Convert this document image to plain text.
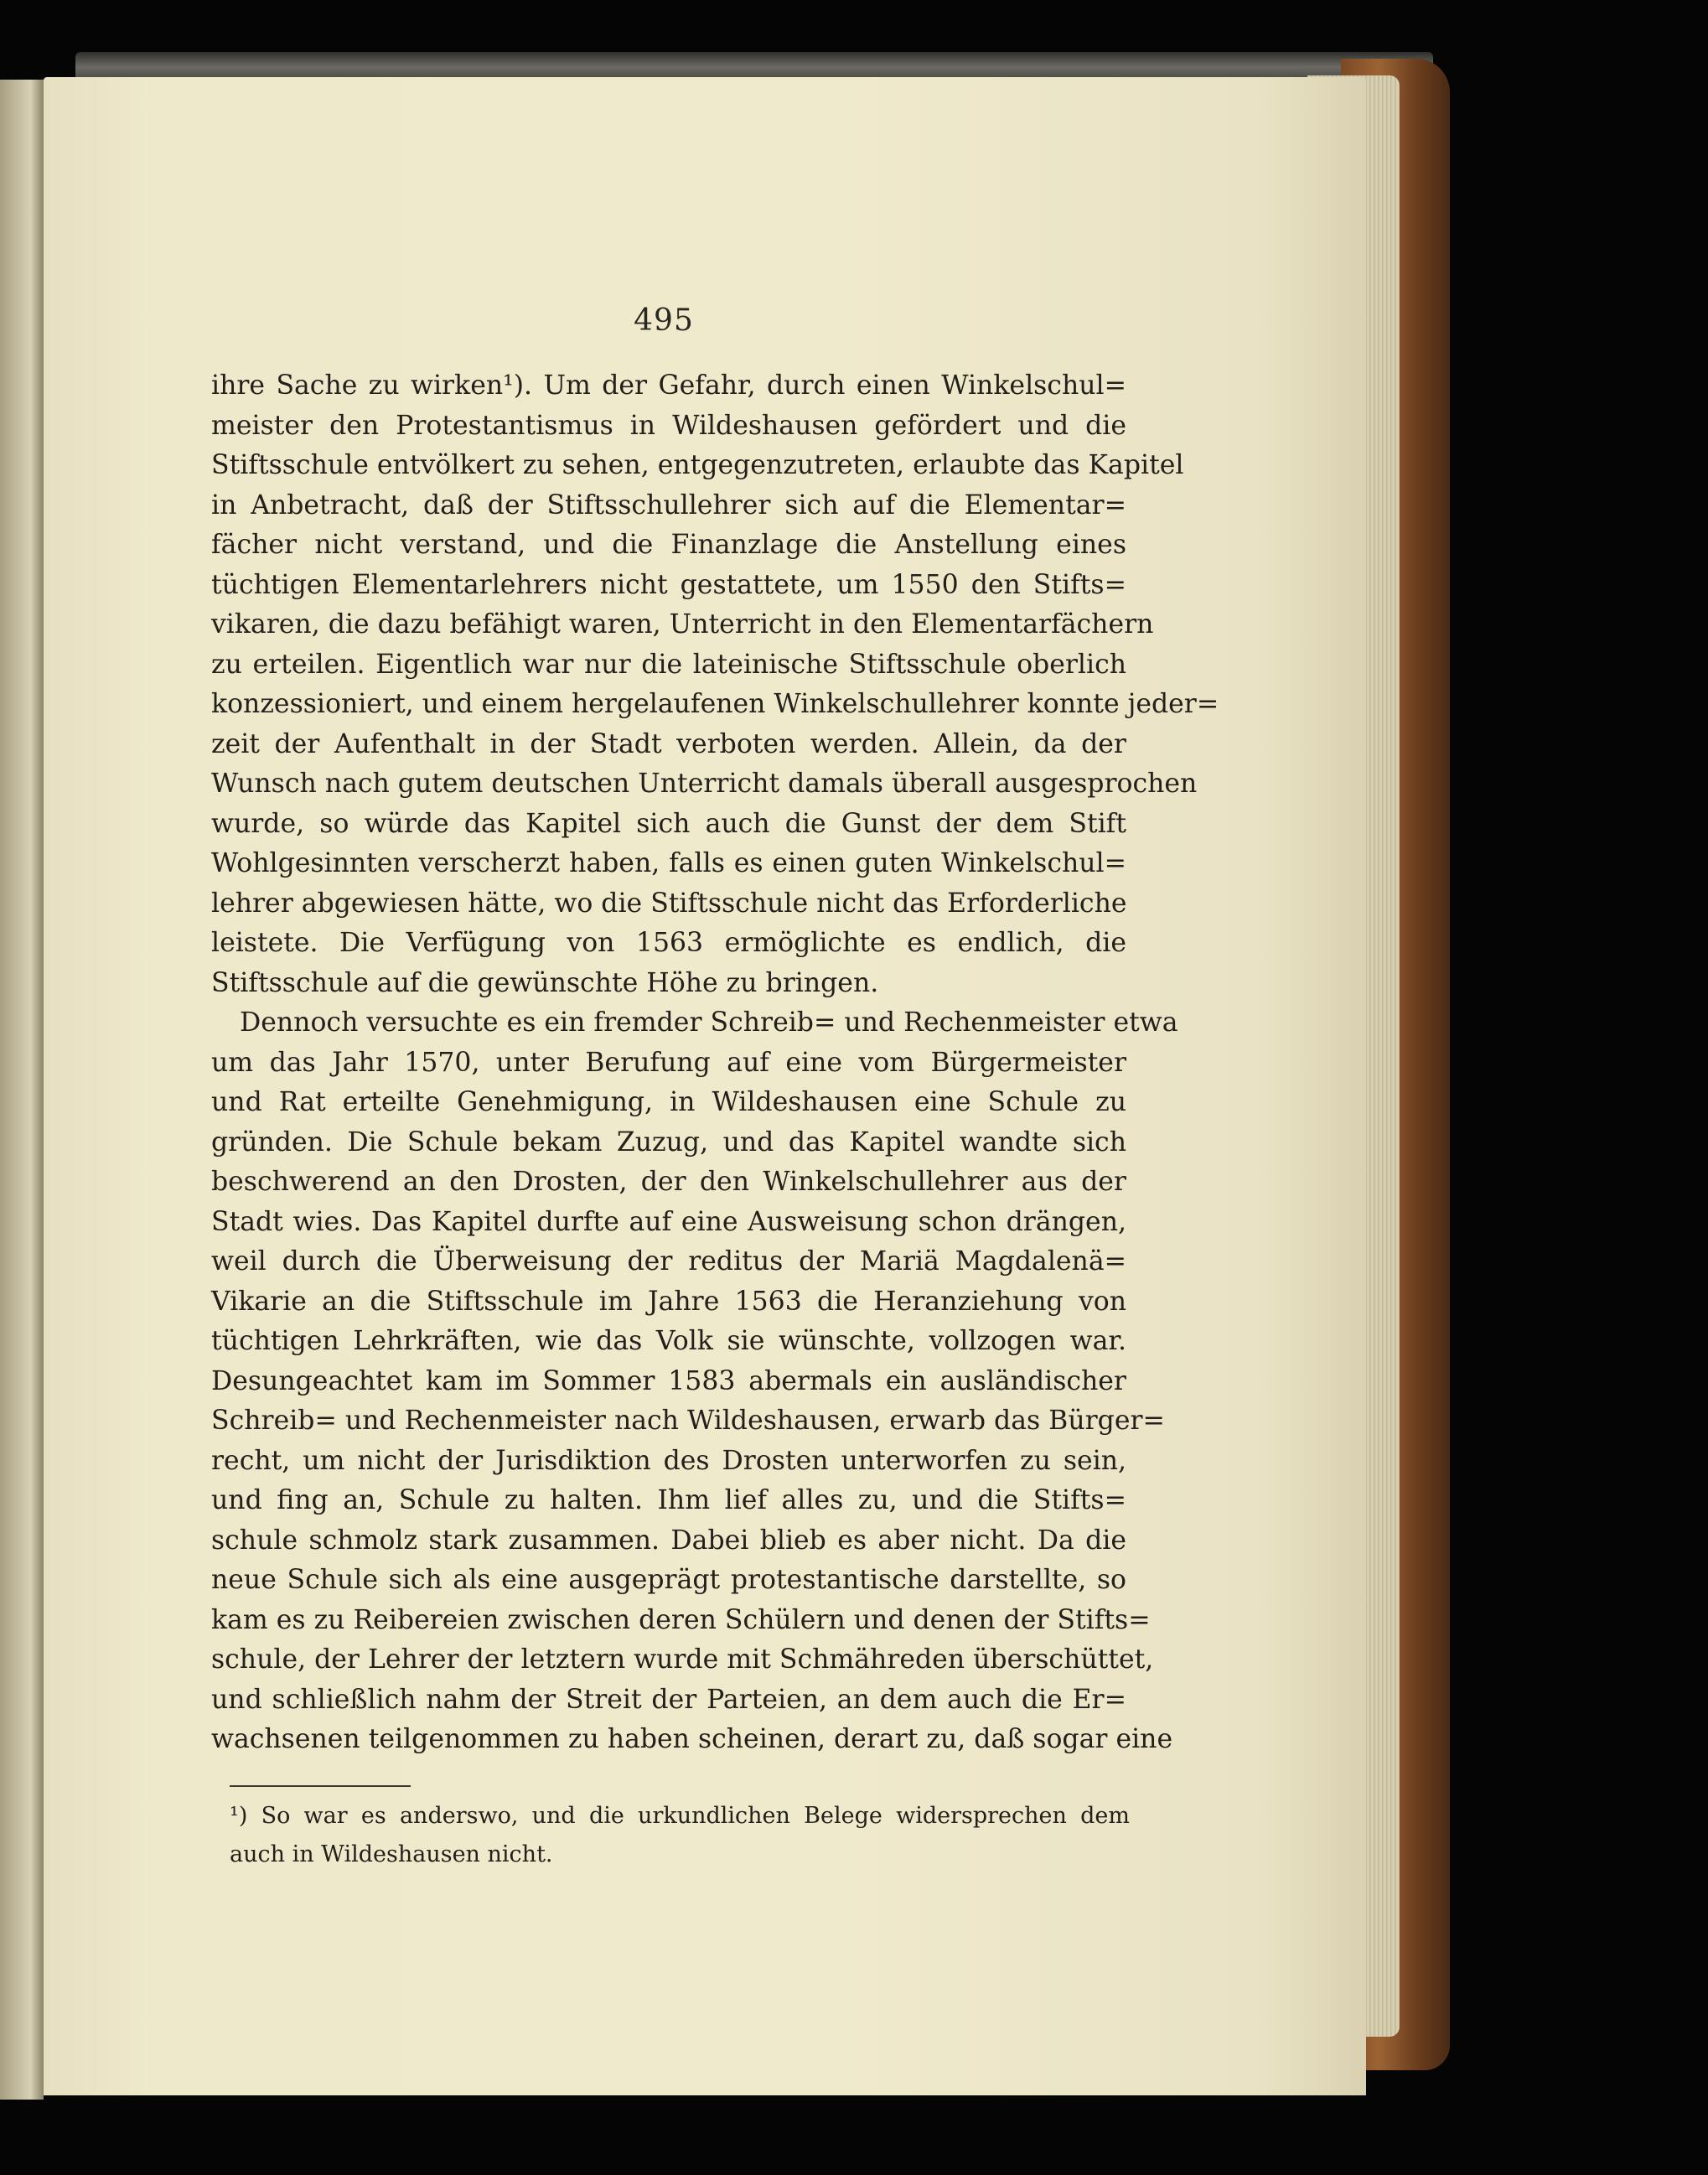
495
ihre Sache zu wirken¹). Um der Gefahr, durch einen Winkelschul=
meister den Protestantismus in Wildeshausen gefördert und die
Stiftsschule entvölkert zu sehen, entgegenzutreten, erlaubte das Kapitel
in Anbetracht, daß der Stiftsschullehrer sich auf die Elementar=
fächer nicht verstand, und die Finanzlage die Anstellung eines
tüchtigen Elementarlehrers nicht gestattete, um 1550 den Stifts=
vikaren, die dazu befähigt waren, Unterricht in den Elementarfächern
zu erteilen. Eigentlich war nur die lateinische Stiftsschule oberlich
konzessioniert, und einem hergelaufenen Winkelschullehrer konnte jeder=
zeit der Aufenthalt in der Stadt verboten werden. Allein, da der
Wunsch nach gutem deutschen Unterricht damals überall ausgesprochen
wurde, so würde das Kapitel sich auch die Gunst der dem Stift
Wohlgesinnten verscherzt haben, falls es einen guten Winkelschul=
lehrer abgewiesen hätte, wo die Stiftsschule nicht das Erforderliche
leistete. Die Verfügung von 1563 ermöglichte es endlich, die
Stiftsschule auf die gewünschte Höhe zu bringen.
Dennoch versuchte es ein fremder Schreib= und Rechenmeister etwa
um das Jahr 1570, unter Berufung auf eine vom Bürgermeister
und Rat erteilte Genehmigung, in Wildeshausen eine Schule zu
gründen. Die Schule bekam Zuzug, und das Kapitel wandte sich
beschwerend an den Drosten, der den Winkelschullehrer aus der
Stadt wies. Das Kapitel durfte auf eine Ausweisung schon drängen,
weil durch die Überweisung der reditus der Mariä Magdalenä=
Vikarie an die Stiftsschule im Jahre 1563 die Heranziehung von
tüchtigen Lehrkräften, wie das Volk sie wünschte, vollzogen war.
Desungeachtet kam im Sommer 1583 abermals ein ausländischer
Schreib= und Rechenmeister nach Wildeshausen, erwarb das Bürger=
recht, um nicht der Jurisdiktion des Drosten unterworfen zu sein,
und fing an, Schule zu halten. Ihm lief alles zu, und die Stifts=
schule schmolz stark zusammen. Dabei blieb es aber nicht. Da die
neue Schule sich als eine ausgeprägt protestantische darstellte, so
kam es zu Reibereien zwischen deren Schülern und denen der Stifts=
schule, der Lehrer der letztern wurde mit Schmähreden überschüttet,
und schließlich nahm der Streit der Parteien, an dem auch die Er=
wachsenen teilgenommen zu haben scheinen, derart zu, daß sogar eine
¹) So war es anderswo, und die urkundlichen Belege widersprechen dem
auch in Wildeshausen nicht.
